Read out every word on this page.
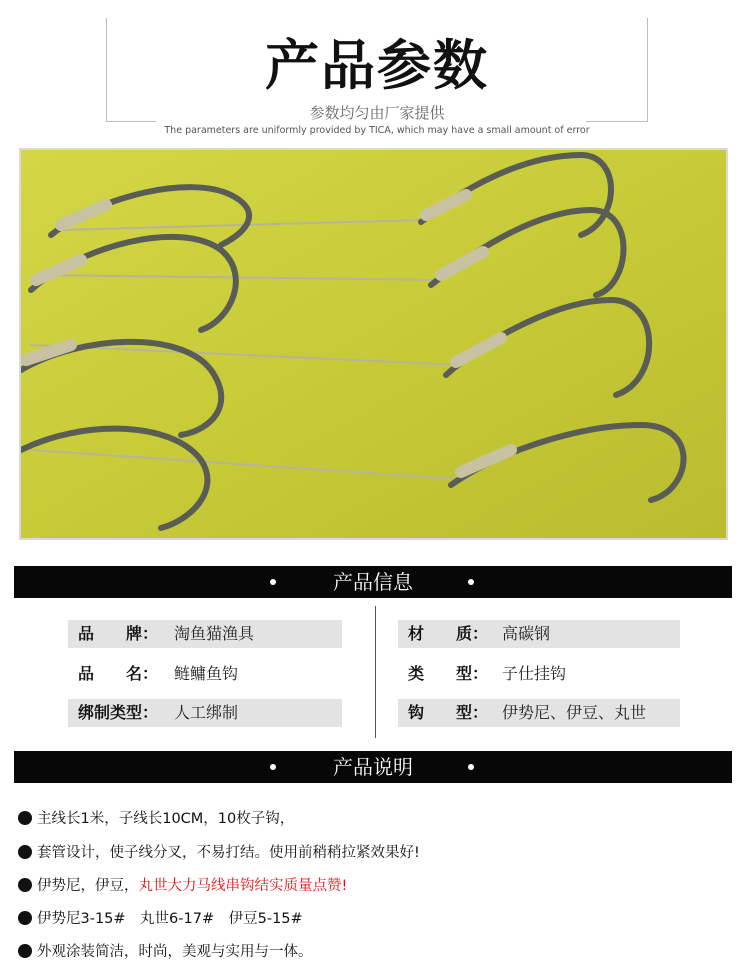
产品参数
参数均匀由厂家提供
The parameters are uniformly provided by TICA, which may have a small amount of error
产品信息
品　　牌： 淘鱼猫渔具
品　　名： 鲢鳙鱼钩
绑制类型： 人工绑制
材　　质： 高碳钢
类　　型： 子仕挂钩
钩　　型： 伊势尼、伊豆、丸世
产品说明
主线长1米，子线长10CM，10枚子钩，
套管设计，使子线分叉，不易打结。使用前稍稍拉紧效果好!
伊势尼，伊豆，丸世大力马线串钩结实质量点赞!
伊势尼3-15#　丸世6-17#　伊豆5-15#
外观涂装简洁，时尚，美观与实用与一体。
